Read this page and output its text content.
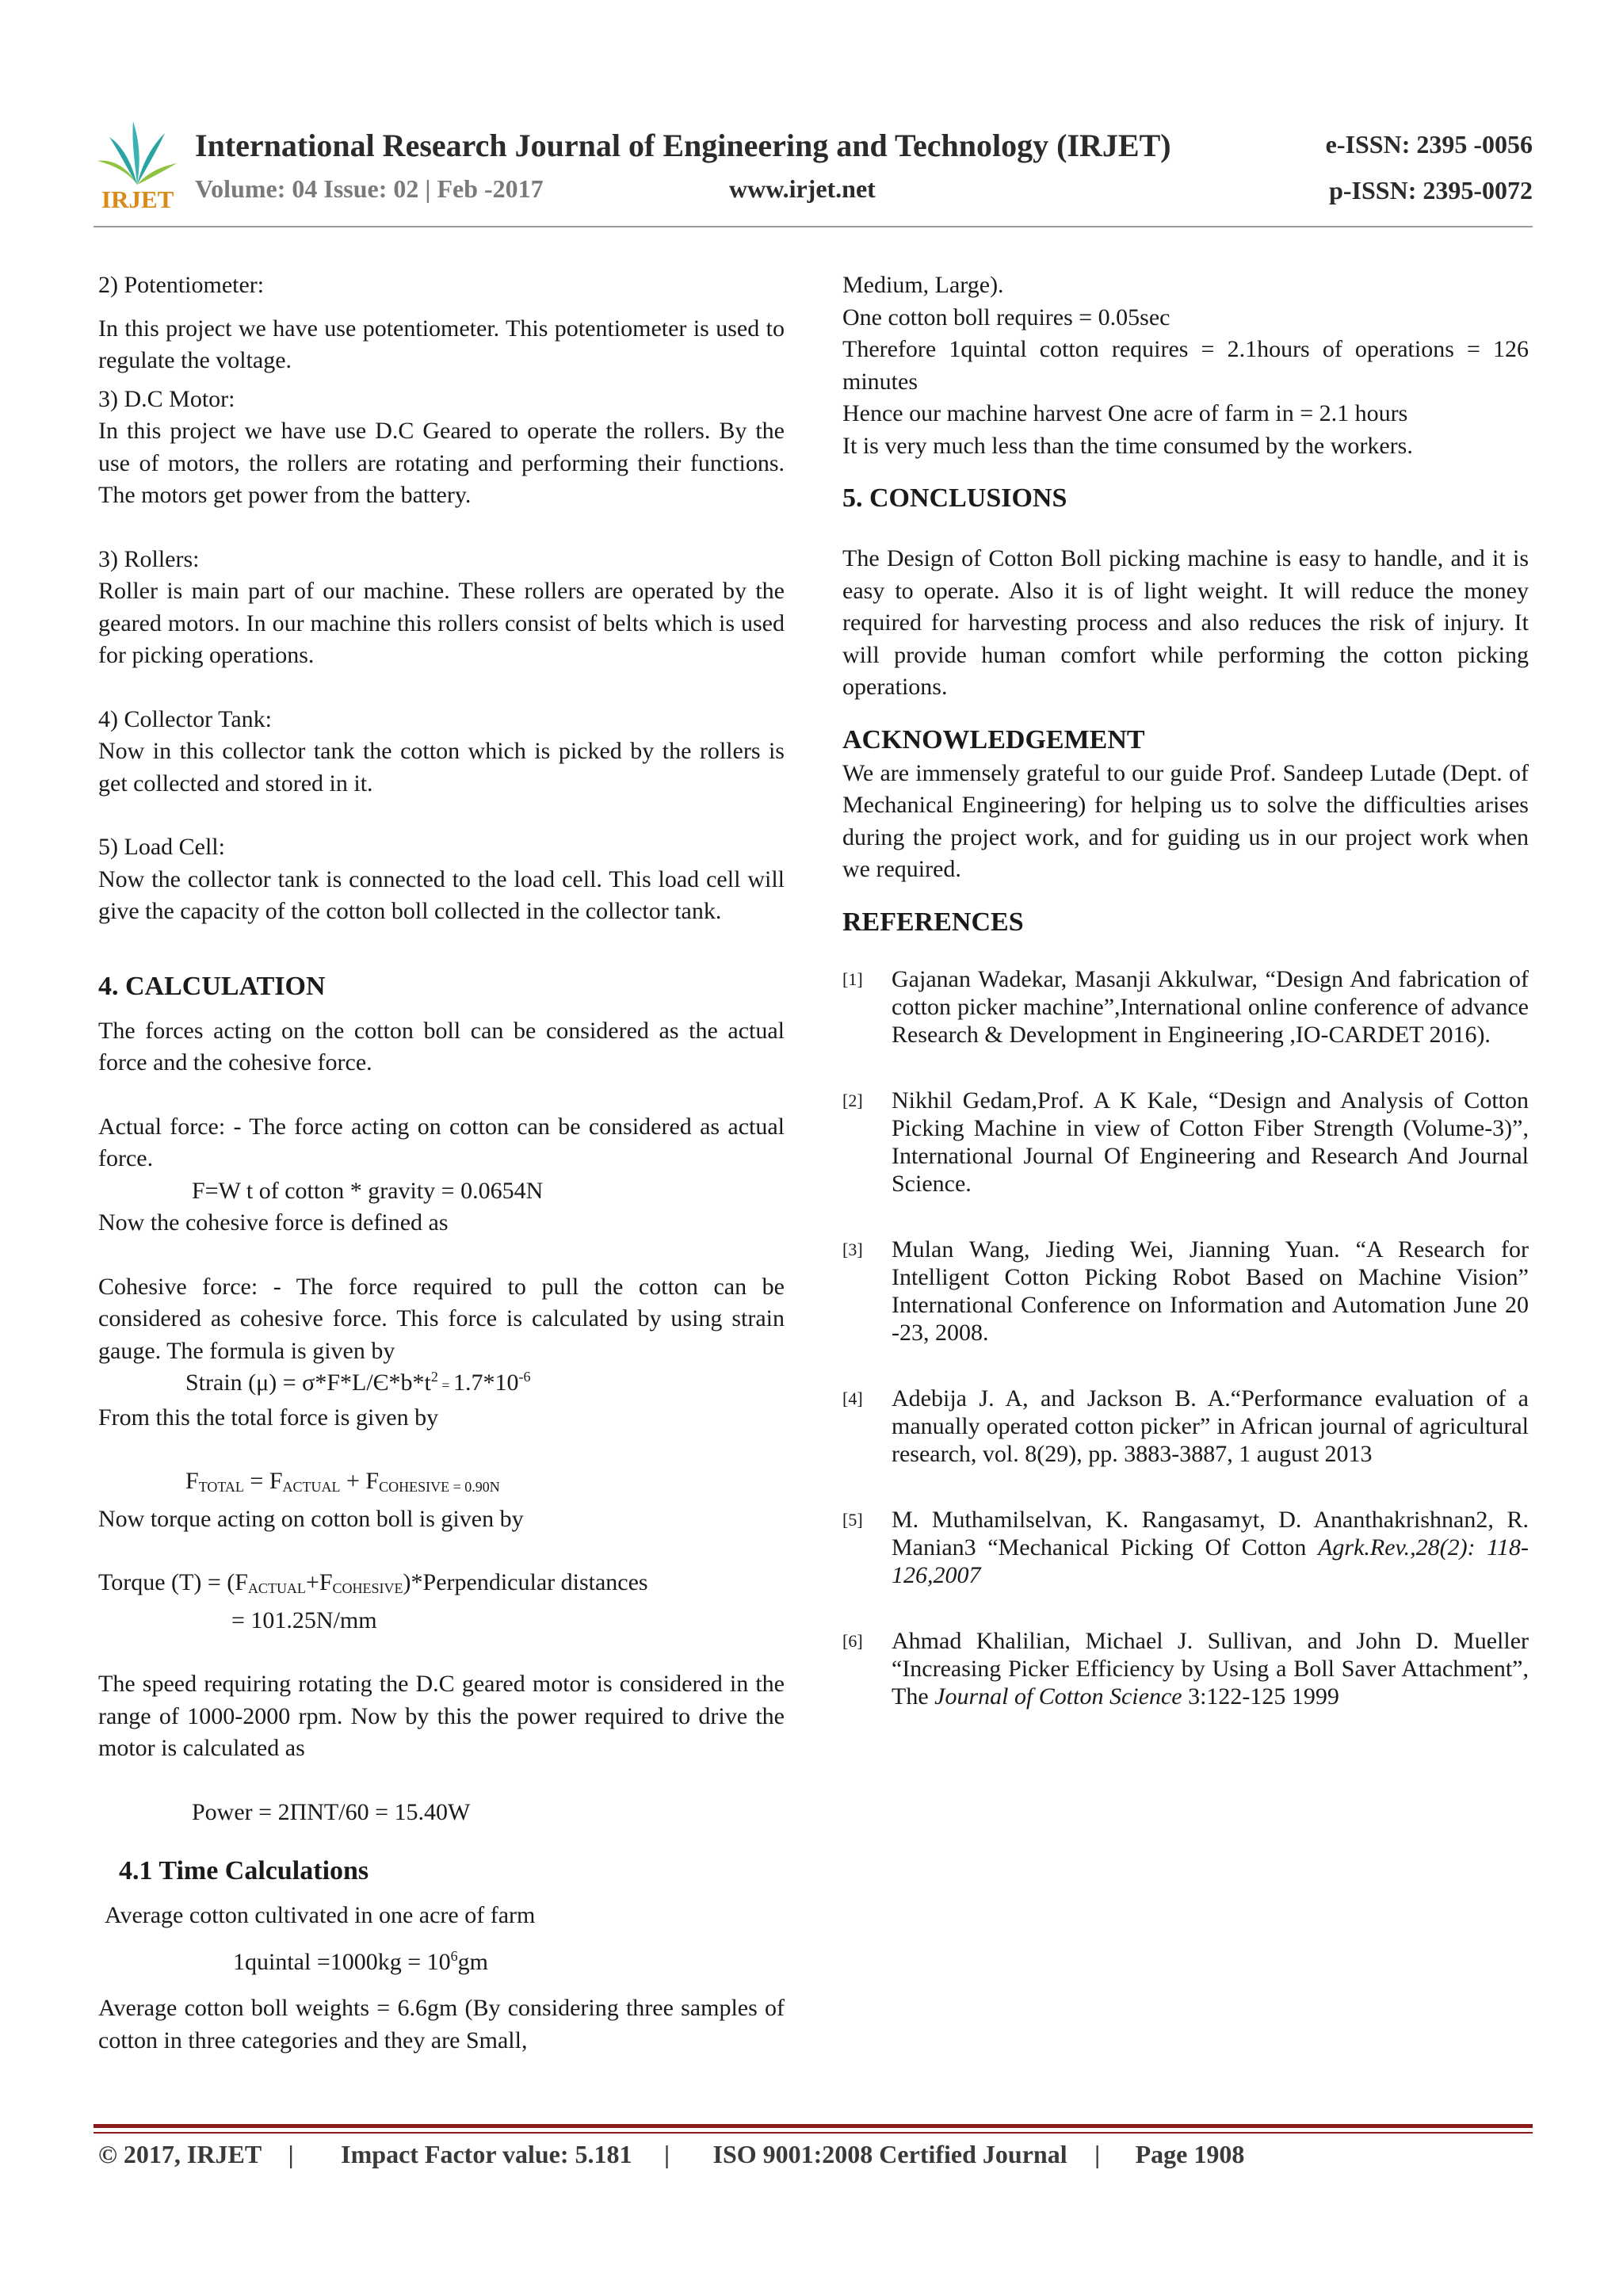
IRJET
International Research Journal of Engineering and Technology (IRJET)	e-ISSN: 2395 -0056
Volume: 04 Issue: 02 | Feb -2017	www.irjet.net	p-ISSN: 2395-0072

2) Potentiometer:

In this project we have use potentiometer. This potentiometer is used to regulate the voltage.

3) D.C Motor:

In this project we have use D.C Geared to operate the rollers. By the use of motors, the rollers are rotating and performing their functions. The motors get power from the battery.

3) Rollers:

Roller is main part of our machine. These rollers are operated by the geared motors. In our machine this rollers consist of belts which is used for picking operations.

4) Collector Tank:

Now in this collector tank the cotton which is picked by the rollers is get collected and stored in it.

5) Load Cell:

Now the collector tank is connected to the load cell. This load cell will give the capacity of the cotton boll collected in the collector tank.

4. CALCULATION

The forces acting on the cotton boll can be considered as the actual force and the cohesive force.

Actual force: - The force acting on cotton can be considered as actual force.

F=W t of cotton * gravity = 0.0654N

Now the cohesive force is defined as

Cohesive force: - The force required to pull the cotton can be considered as cohesive force. This force is calculated by using strain gauge. The formula is given by

Strain $(\mu) = \sigma*F*L/Є*b*t^2 = 1.7*10^{-6}$

From this the total force is given by

FTOTAL = FACTUAL + FCOHESIVE = 0.90N

Now torque acting on cotton boll is given by

Torque (T) = (FACTUAL+FCOHESIVE)*Perpendicular distances

= 101.25N/mm

The speed requiring rotating the D.C geared motor is considered in the range of 1000-2000 rpm. Now by this the power required to drive the motor is calculated as

Power = 2ΠNT/60 = 15.40W

4.1 Time Calculations

Average cotton cultivated in one acre of farm

1quintal $=1000kg = 10^6gm$

Average cotton boll weights = 6.6gm (By considering three samples of cotton in three categories and they are Small,

Medium, Large).

One cotton boll requires = 0.05sec

Therefore 1quintal cotton requires = 2.1hours of operations = 126 minutes

Hence our machine harvest One acre of farm in = 2.1 hours

It is very much less than the time consumed by the workers.

5. CONCLUSIONS

The Design of Cotton Boll picking machine is easy to handle, and it is easy to operate. Also it is of light weight. It will reduce the money required for harvesting process and also reduces the risk of injury. It will provide human comfort while performing the cotton picking operations.

ACKNOWLEDGEMENT

We are immensely grateful to our guide Prof. Sandeep Lutade (Dept. of Mechanical Engineering) for helping us to solve the difficulties arises during the project work, and for guiding us in our project work when we required.

REFERENCES

[1] Gajanan Wadekar, Masanji Akkulwar, “Design And fabrication of cotton picker machine”,International online conference of advance Research & Development in Engineering ,IO-CARDET 2016).

[2] Nikhil Gedam,Prof. A K Kale, “Design and Analysis of Cotton Picking Machine in view of Cotton Fiber Strength (Volume-3)”, International Journal Of Engineering and Research And Journal Science.

[3] Mulan Wang, Jieding Wei, Jianning Yuan. “A Research for Intelligent Cotton Picking Robot Based on Machine Vision” International Conference on Information and Automation June 20 -23, 2008.

[4] Adebija J. A, and Jackson B. A.“Performance evaluation of a manually operated cotton picker” in African journal of agricultural research, vol. 8(29), pp. 3883-3887, 1 august 2013

[5] M. Muthamilselvan, K. Rangasamyt, D. Ananthakrishnan2, R. Manian3 “Mechanical Picking Of Cotton Agrk.Rev.,28(2): 118-126,2007

[6] Ahmad Khalilian, Michael J. Sullivan, and John D. Mueller “Increasing Picker Efficiency by Using a Boll Saver Attachment”, The Journal of Cotton Science 3:122-125 1999

© 2017, IRJET | Impact Factor value: 5.181 | ISO 9001:2008 Certified Journal | Page 1908
